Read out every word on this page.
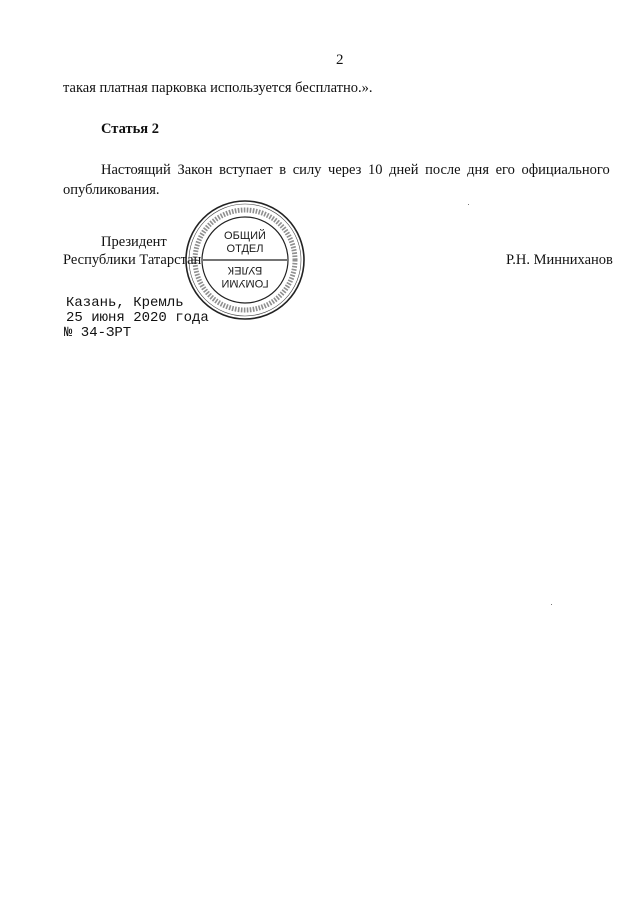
2
такая платная парковка используется бесплатно.».
Статья 2
Настоящий Закон вступает в силу через 10 дней после дня его официального
опубликования.
Президент
Республики Татарстан	Р.Н. Минниханов
Казань, Кремль
25 июня 2020 года
№ 34-ЗРТ
ОБЩИЙ
ОТДЕЛ
БУЛЕК
ГОМУМИ
